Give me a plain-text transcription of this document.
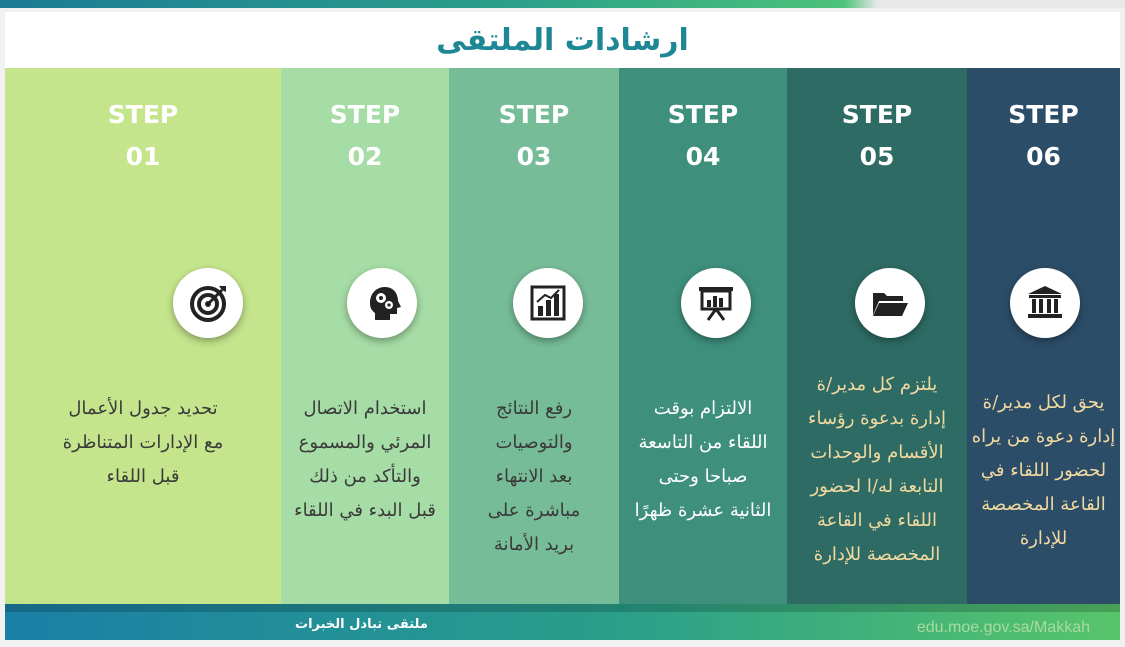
ارشادات الملتقى
STEP
01
تحديد جدول الأعمال
مع الإدارات المتناظرة
قبل اللقاء
STEP
02
استخدام الاتصال
المرئي والمسموع
والتأكد من ذلك
قبل البدء في اللقاء
STEP
03
رفع النتائج
والتوصيات
بعد الانتهاء
مباشرة على
بريد الأمانة
STEP
04
الالتزام بوقت
اللقاء من التاسعة
صباحا وحتى
الثانية عشرة ظهرًا
STEP
05
يلتزم كل مدير/ة
إدارة بدعوة رؤساء
الأقسام والوحدات
التابعة له/ا لحضور
اللقاء في القاعة
المخصصة للإدارة
STEP
06
يحق لكل مدير/ة
إدارة دعوة من يراه
لحضور اللقاء في
القاعة المخصصة
للإدارة
ملتقى تبادل الخبرات	edu.moe.gov.sa/Makkah
